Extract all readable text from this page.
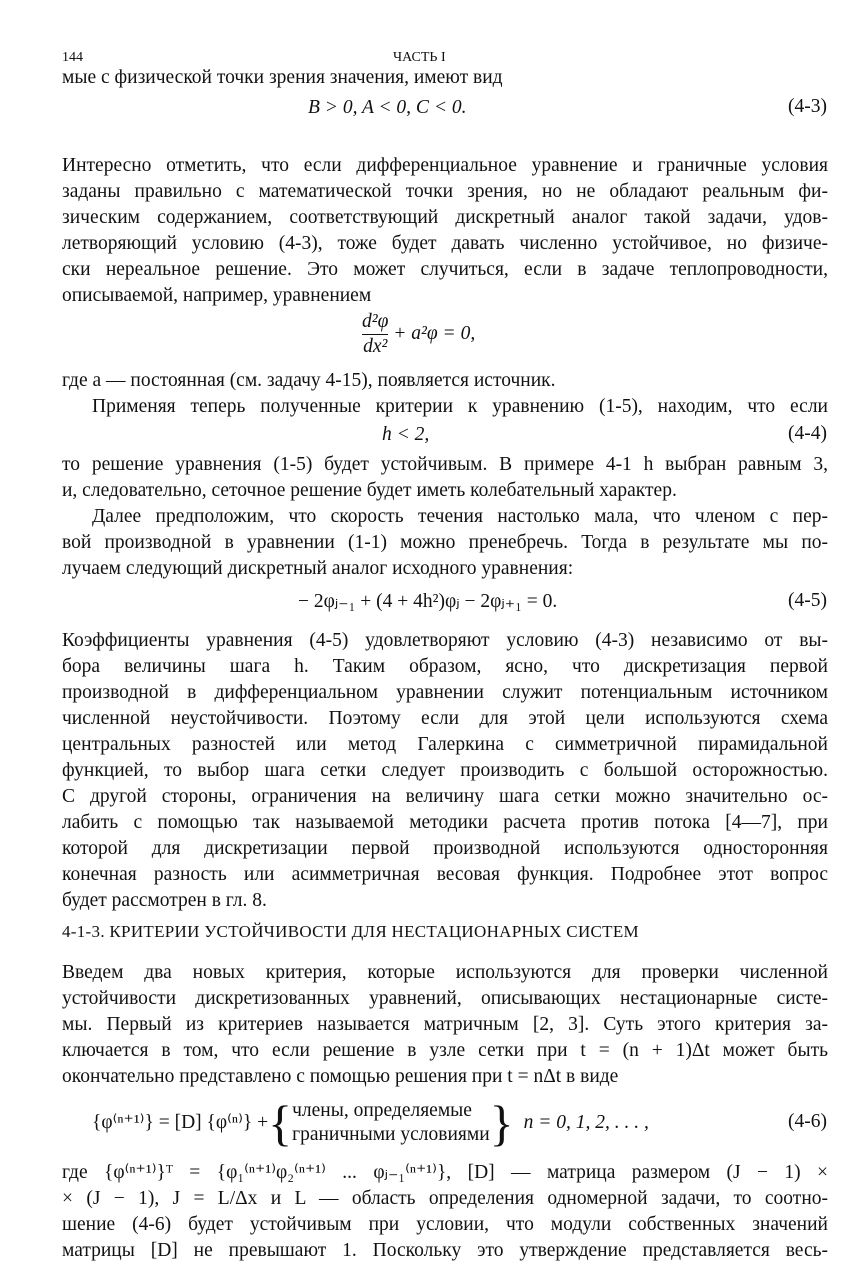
144	ЧАСТЬ I
мые с физической точки зрения значения, имеют вид
B > 0, A < 0, C < 0.	(4-3)
Интересно отметить, что если дифференциальное уравнение и граничные условия
заданы правильно с математической точки зрения, но не обладают реальным фи-
зическим содержанием, соответствующий дискретный аналог такой задачи, удов-
летворяющий условию (4-3), тоже будет давать численно устойчивое, но физиче-
ски нереальное решение. Это может случиться, если в задаче теплопроводности,
описываемой, например, уравнением
$\frac{\text{d²φ}}{\text{dx²}} + a^2\varphi = 0$,
где a — постоянная (см. задачу 4-15), появляется источник.
Применяя теперь полученные критерии к уравнению (1-5), находим, что если
h < 2,	(4-4)
то решение уравнения (1-5) будет устойчивым. В примере 4-1 h выбран равным 3,
и, следовательно, сеточное решение будет иметь колебательный характер.
Далее предположим, что скорость течения настолько мала, что членом с пер-
вой производной в уравнении (1-1) можно пренебречь. Тогда в результате мы по-
лучаем следующий дискретный аналог исходного уравнения:
− 2φⱼ₋₁ + (4 + 4h²)φⱼ − 2φⱼ₊₁ = 0.	(4-5)
Коэффициенты уравнения (4-5) удовлетворяют условию (4-3) независимо от вы-
бора величины шага h. Таким образом, ясно, что дискретизация первой
производной в дифференциальном уравнении служит потенциальным источником
численной неустойчивости. Поэтому если для этой цели используются схема
центральных разностей или метод Галеркина с симметричной пирамидальной
функцией, то выбор шага сетки следует производить с большой осторожностью.
С другой стороны, ограничения на величину шага сетки можно значительно ос-
лабить с помощью так называемой методики расчета против потока [4—7], при
которой для дискретизации первой производной используются односторонняя
конечная разность или асимметричная весовая функция. Подробнее этот вопрос
будет рассмотрен в гл. 8.
4-1-3. КРИТЕРИИ УСТОЙЧИВОСТИ ДЛЯ НЕСТАЦИОНАРНЫХ СИСТЕМ
Введем два новых критерия, которые используются для проверки численной
устойчивости дискретизованных уравнений, описывающих нестационарные систе-
мы. Первый из критериев называется матричным [2, 3]. Суть этого критерия за-
ключается в том, что если решение в узле сетки при t = (n + 1)Δt может быть
окончательно представлено с помощью решения при t = nΔt в виде
{φ⁽ⁿ⁺¹⁾} = [D] {φ⁽ⁿ⁾} + { члены, определяемые
граничными условиями } n = 0, 1, 2, . . . ,	(4-6)
где {φ⁽ⁿ⁺¹⁾}ᵀ = {φ₁⁽ⁿ⁺¹⁾φ₂⁽ⁿ⁺¹⁾ ... φⱼ₋₁⁽ⁿ⁺¹⁾}, [D] — матрица размером (J − 1) ×
× (J − 1), J = L/Δx и L — область определения одномерной задачи, то соотно-
шение (4-6) будет устойчивым при условии, что модули собственных значений
матрицы [D] не превышают 1. Поскольку это утверждение представляется весь-
